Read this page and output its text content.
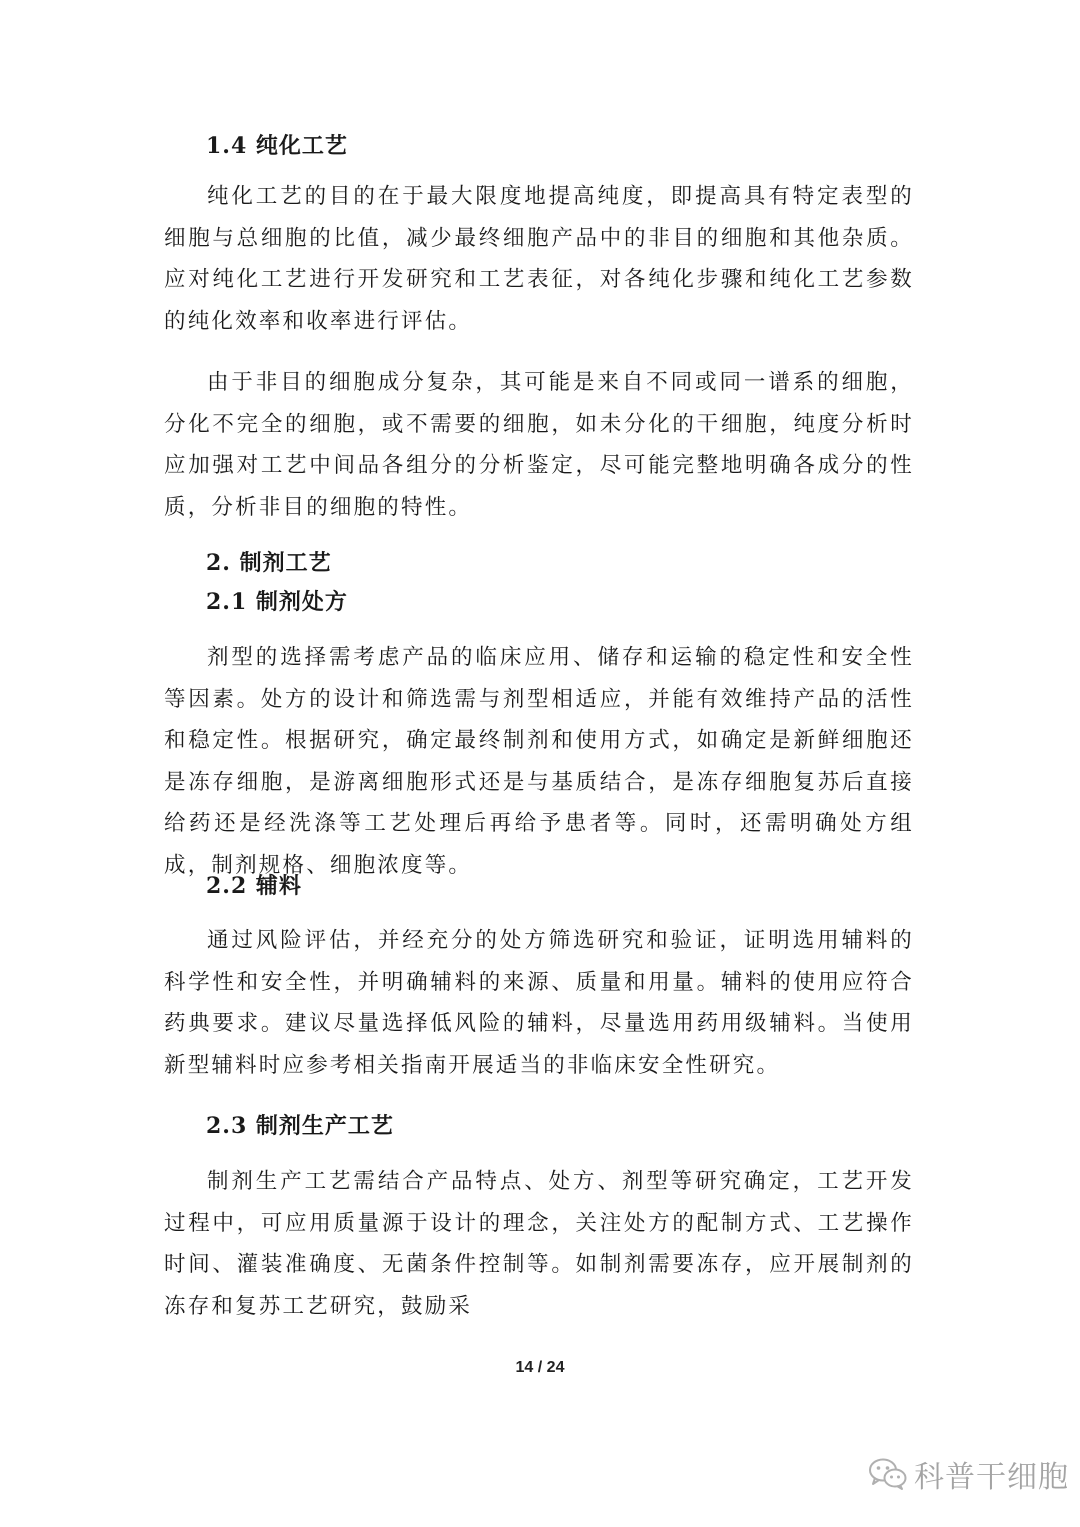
1.4 纯化工艺
纯化工艺的目的在于最大限度地提高纯度，即提高具有特定表型的细胞与总细胞的比值，减少最终细胞产品中的非目的细胞和其他杂质。应对纯化工艺进行开发研究和工艺表征，对各纯化步骤和纯化工艺参数的纯化效率和收率进行评估。
由于非目的细胞成分复杂，其可能是来自不同或同一谱系的细胞，分化不完全的细胞，或不需要的细胞，如未分化的干细胞，纯度分析时应加强对工艺中间品各组分的分析鉴定，尽可能完整地明确各成分的性质，分析非目的细胞的特性。
2. 制剂工艺
2.1 制剂处方
剂型的选择需考虑产品的临床应用、储存和运输的稳定性和安全性等因素。处方的设计和筛选需与剂型相适应，并能有效维持产品的活性和稳定性。根据研究，确定最终制剂和使用方式，如确定是新鲜细胞还是冻存细胞，是游离细胞形式还是与基质结合，是冻存细胞复苏后直接给药还是经洗涤等工艺处理后再给予患者等。同时，还需明确处方组成，制剂规格、细胞浓度等。
2.2 辅料
通过风险评估，并经充分的处方筛选研究和验证，证明选用辅料的科学性和安全性，并明确辅料的来源、质量和用量。辅料的使用应符合药典要求。建议尽量选择低风险的辅料，尽量选用药用级辅料。当使用新型辅料时应参考相关指南开展适当的非临床安全性研究。
2.3 制剂生产工艺
制剂生产工艺需结合产品特点、处方、剂型等研究确定，工艺开发过程中，可应用质量源于设计的理念，关注处方的配制方式、工艺操作时间、灌装准确度、无菌条件控制等。如制剂需要冻存，应开展制剂的冻存和复苏工艺研究，鼓励采
14 / 24
科普干细胞
